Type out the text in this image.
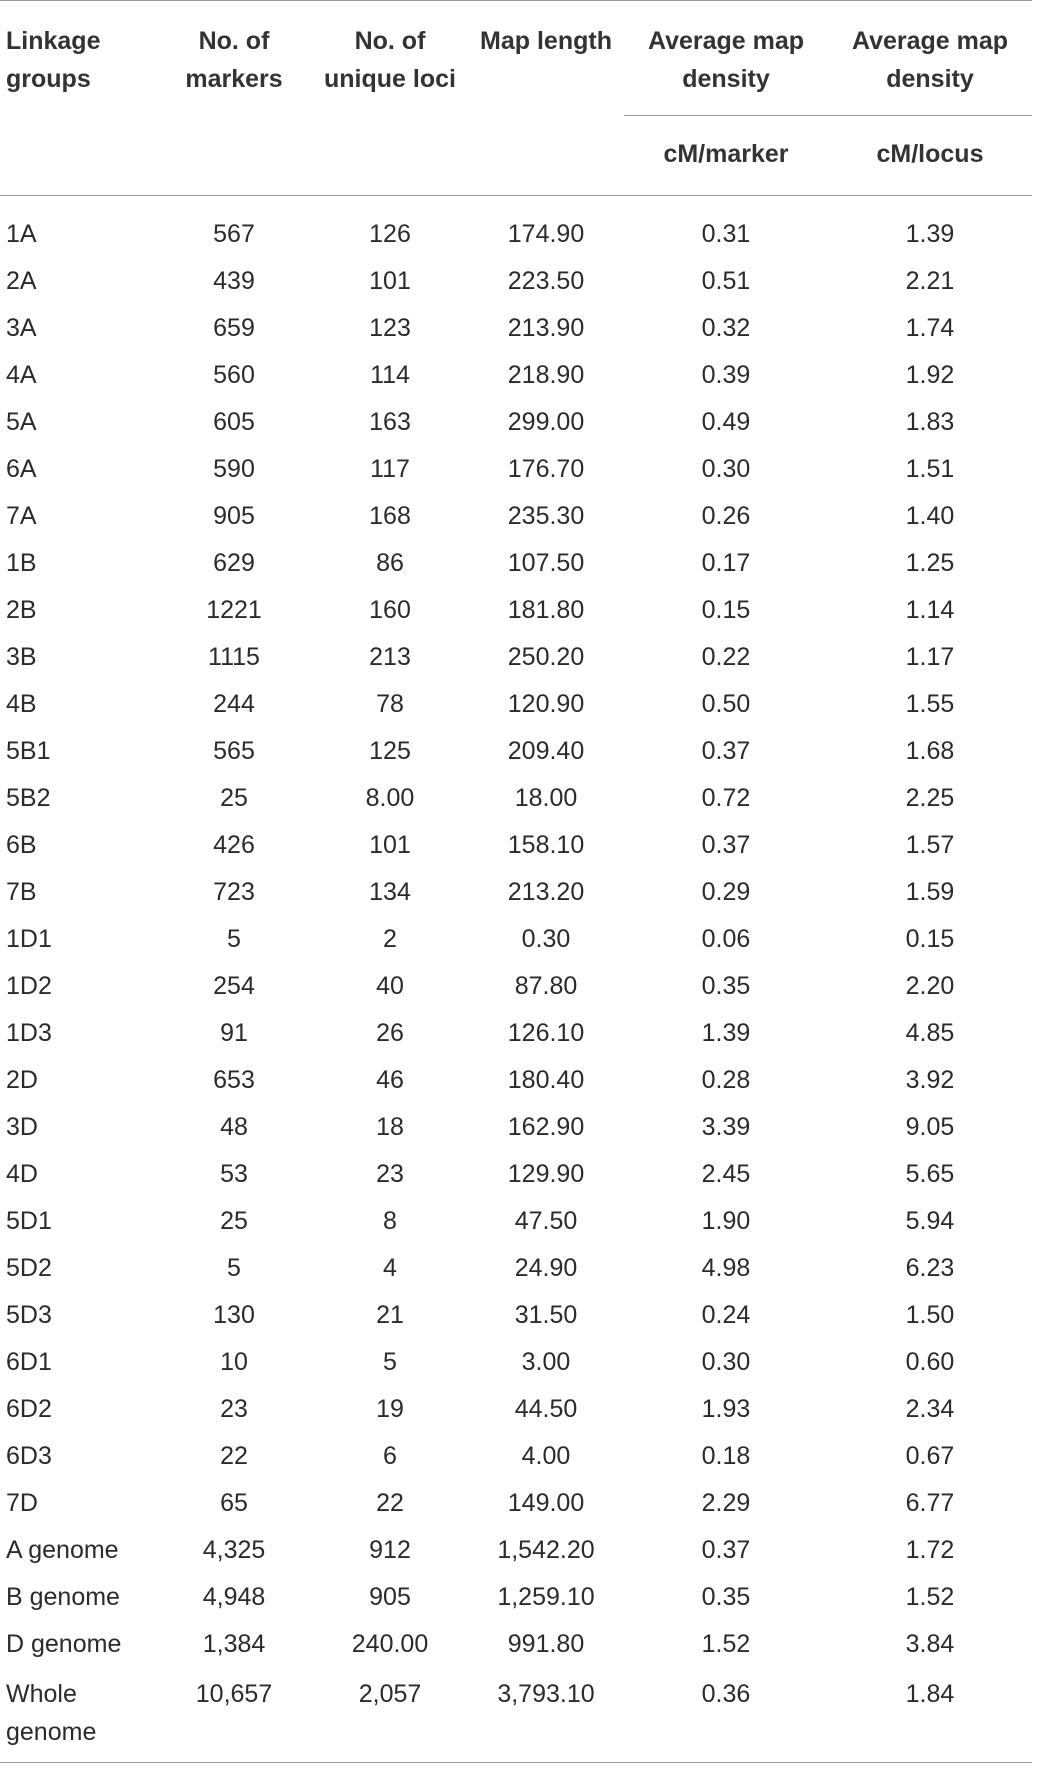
Linkage groups	No. of markers	No. of unique loci	Map length	Average map density	Average map density
				cM/marker	cM/locus
1A	567	126	174.90	0.31	1.39
2A	439	101	223.50	0.51	2.21
3A	659	123	213.90	0.32	1.74
4A	560	114	218.90	0.39	1.92
5A	605	163	299.00	0.49	1.83
6A	590	117	176.70	0.30	1.51
7A	905	168	235.30	0.26	1.40
1B	629	86	107.50	0.17	1.25
2B	1221	160	181.80	0.15	1.14
3B	1115	213	250.20	0.22	1.17
4B	244	78	120.90	0.50	1.55
5B1	565	125	209.40	0.37	1.68
5B2	25	8.00	18.00	0.72	2.25
6B	426	101	158.10	0.37	1.57
7B	723	134	213.20	0.29	1.59
1D1	5	2	0.30	0.06	0.15
1D2	254	40	87.80	0.35	2.20
1D3	91	26	126.10	1.39	4.85
2D	653	46	180.40	0.28	3.92
3D	48	18	162.90	3.39	9.05
4D	53	23	129.90	2.45	5.65
5D1	25	8	47.50	1.90	5.94
5D2	5	4	24.90	4.98	6.23
5D3	130	21	31.50	0.24	1.50
6D1	10	5	3.00	0.30	0.60
6D2	23	19	44.50	1.93	2.34
6D3	22	6	4.00	0.18	0.67
7D	65	22	149.00	2.29	6.77
A genome	4,325	912	1,542.20	0.37	1.72
B genome	4,948	905	1,259.10	0.35	1.52
D genome	1,384	240.00	991.80	1.52	3.84
Whole genome	10,657	2,057	3,793.10	0.36	1.84
